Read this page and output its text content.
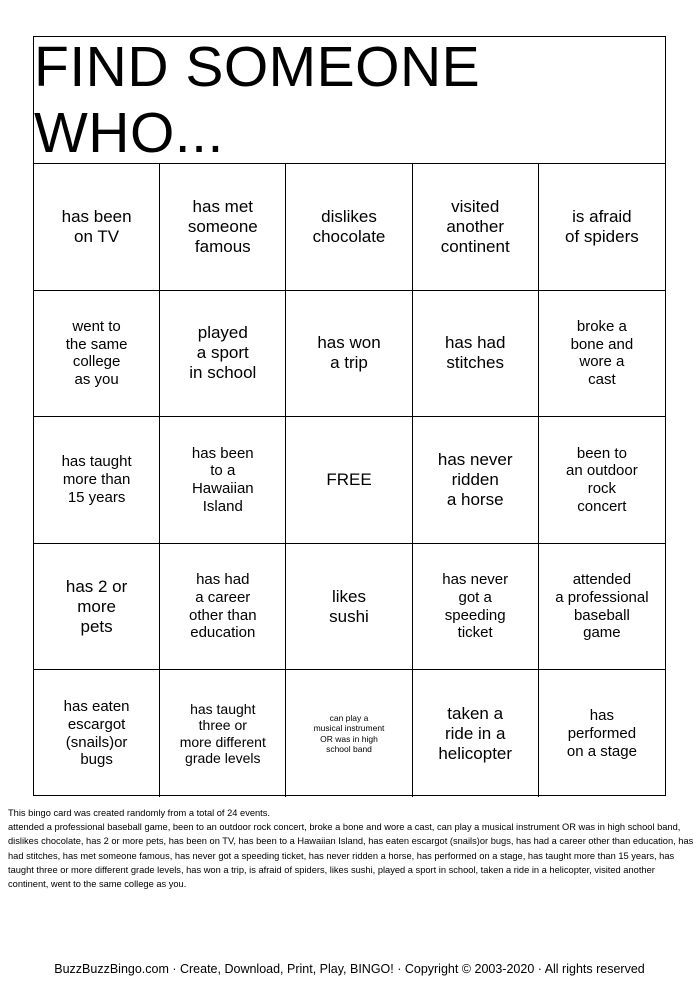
FIND SOMEONE WHO...
has been
on TV
has met
someone
famous
dislikes
chocolate
visited
another
continent
is afraid
of spiders
went to
the same
college
as you
played
a sport
in school
has won
a trip
has had
stitches
broke a
bone and
wore a
cast
has taught
more than
15 years
has been
to a
Hawaiian
Island
FREE
has never
ridden
a horse
been to
an outdoor
rock
concert
has 2 or
more
pets
has had
a career
other than
education
likes
sushi
has never
got a
speeding
ticket
attended
a professional
baseball
game
has eaten
escargot
(snails)or
bugs
has taught
three or
more different
grade levels
can play a
musical instrument
OR was in high
school band
taken a
ride in a
helicopter
has
performed
on a stage
This bingo card was created randomly from a total of 24 events.
attended a professional baseball game, been to an outdoor rock concert, broke a bone and wore a cast, can play a musical instrument OR was in high school band, dislikes chocolate, has 2 or more pets, has been on TV, has been to a Hawaiian Island, has eaten escargot (snails)or bugs, has had a career other than education, has had stitches, has met someone famous, has never got a speeding ticket, has never ridden a horse, has performed on a stage, has taught more than 15 years, has taught three or more different grade levels, has won a trip, is afraid of spiders, likes sushi, played a sport in school, taken a ride in a helicopter, visited another continent, went to the same college as you.
BuzzBuzzBingo.com · Create, Download, Print, Play, BINGO! · Copyright © 2003-2020 · All rights reserved
